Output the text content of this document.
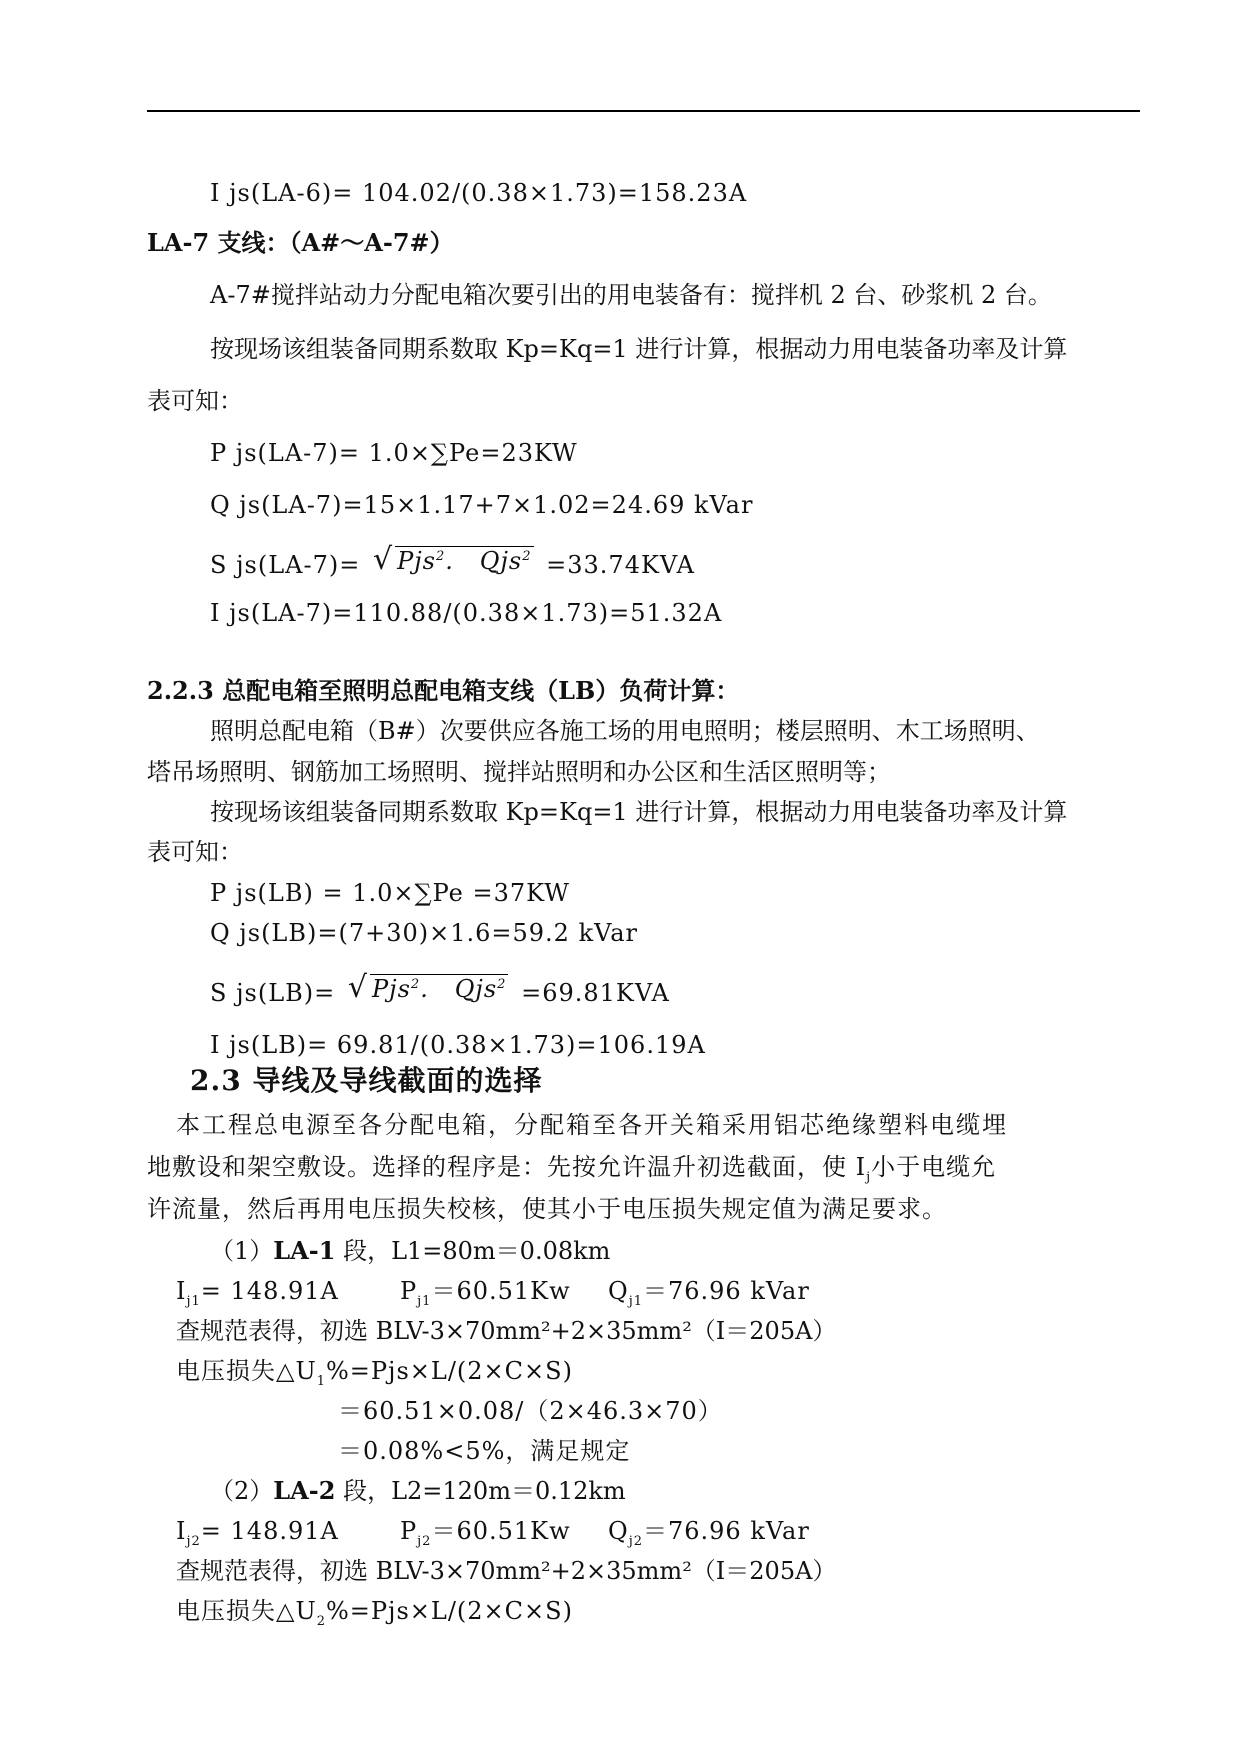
I js(LA-6)= 104.02/(0.38×1.73)=158.23A
LA-7 支线：（A#～A-7#）
A-7#搅拌站动力分配电箱次要引出的用电装备有：搅拌机 2 台、砂浆机 2 台。
按现场该组装备同期系数取 Kp=Kq=1 进行计算，根据动力用电装备功率及计算
表可知：
P js(LA-7)= 1.0×∑Pe=23KW
Q js(LA-7)=15×1.17+7×1.02=24.69 kVar
S js(LA-7)= √ Pjs$^2$.   Qjs$^2$ =33.74KVA
I js(LA-7)=110.88/(0.38×1.73)=51.32A
2.2.3 总配电箱至照明总配电箱支线（LB）负荷计算：
照明总配电箱（B#）次要供应各施工场的用电照明；楼层照明、木工场照明、
塔吊场照明、钢筋加工场照明、搅拌站照明和办公区和生活区照明等；
按现场该组装备同期系数取 Kp=Kq=1 进行计算，根据动力用电装备功率及计算
表可知：
P js(LB) = 1.0×∑Pe =37KW
Q js(LB)=(7+30)×1.6=59.2 kVar
S js(LB)= √ Pjs$^2$.   Qjs$^2$ =69.81KVA
I js(LB)= 69.81/(0.38×1.73)=106.19A
2.3 导线及导线截面的选择
本工程总电源至各分配电箱，分配箱至各开关箱采用铝芯绝缘塑料电缆埋
地敷设和架空敷设。选择的程序是：先按允许温升初选截面，使 $I_j$小于电缆允
许流量，然后再用电压损失校核，使其小于电压损失规定值为满足要求。
（1）LA-1 段，L1=80m＝0.08km
$I_{j1}= 148.91A$	$P_{j1}=60.51Kw$ $Q_{j1}=76.96$ kVar
查规范表得，初选 BLV-3×70mm²+2×35mm²（I＝205A）
电压损失$\triangle U_1\%=Pjs\times L/(2\times C\times S)$
＝60.51×0.08/（2×46.3×70）
＝0.08%<5%，满足规定
（2）LA-2 段，L2=120m＝0.12km
$I_{j2}= 148.91A$	$P_{j2}=60.51Kw$ $Q_{j2}=76.96$ kVar
查规范表得，初选 BLV-3×70mm²+2×35mm²（I＝205A）
电压损失$\triangle U_2\%=Pjs\times L/(2\times C\times S)$
